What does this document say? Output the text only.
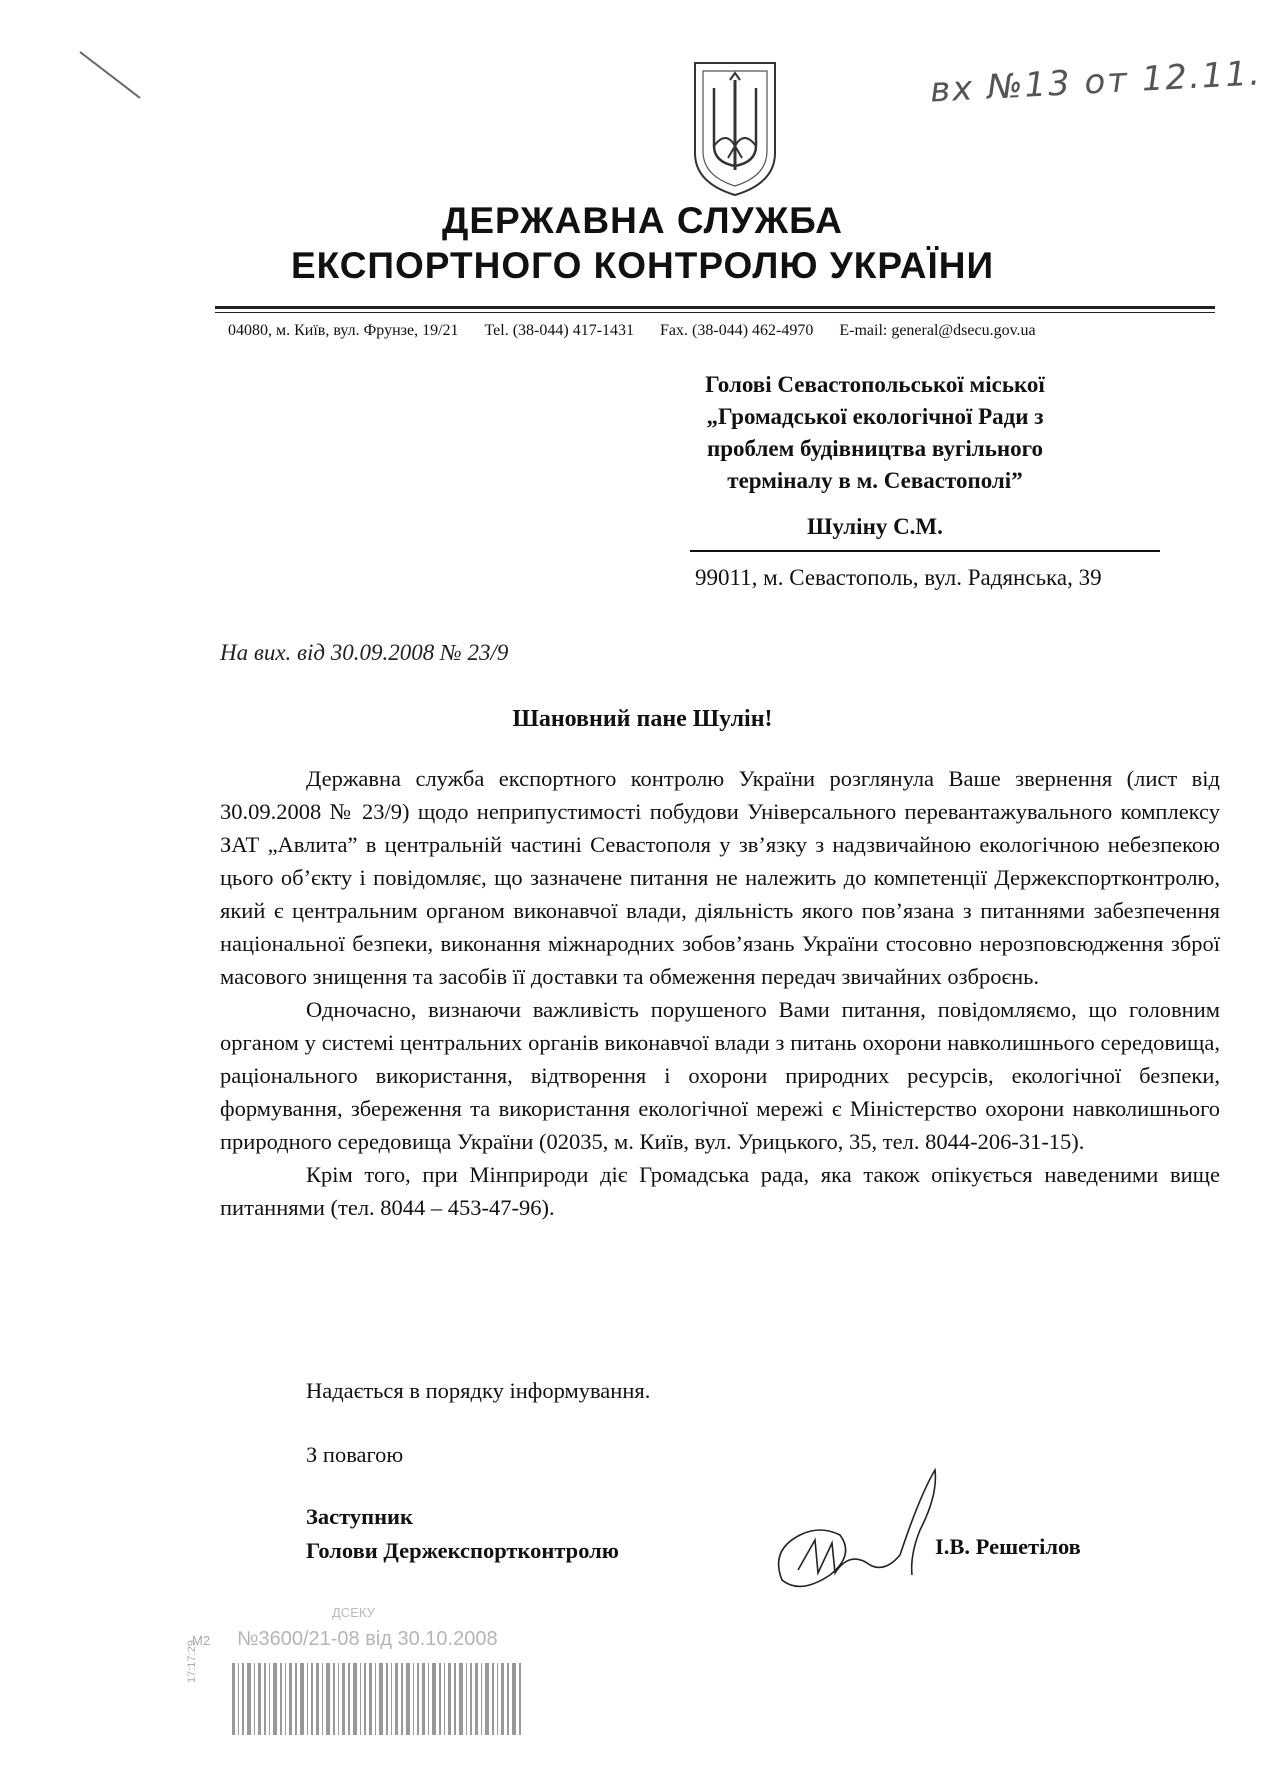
вх №13 от 12.11.
ДЕРЖАВНА СЛУЖБА
ЕКСПОРТНОГО КОНТРОЛЮ УКРАЇНИ
04080, м. Київ, вул. Фрунзе, 19/21 Tel. (38-044) 417-1431 Fax. (38-044) 462-4970 E-mail: general@dsecu.gov.ua
Голові Севастопольської міської
„Громадської екологічної Ради з
проблем будівництва вугільного
терміналу в м. Севастополі”
Шуліну С.М.
99011, м. Севастополь, вул. Радянська, 39
На вих. від 30.09.2008 № 23/9
Шановний пане Шулін!

Державна служба експортного контролю України розглянула Ваше звернення (лист від 30.09.2008 № 23/9) щодо неприпустимості побудови Універсального перевантажувального комплексу ЗАТ „Авлита” в центральній частині Севастополя у зв’язку з надзвичайною екологічною небезпекою цього об’єкту і повідомляє, що зазначене питання не належить до компетенції Держекспортконтролю, який є центральним органом виконавчої влади, діяльність якого пов’язана з питаннями забезпечення національної безпеки, виконання міжнародних зобов’язань України стосовно нерозповсюдження зброї масового знищення та засобів її доставки та обмеження передач звичайних озброєнь.

Одночасно, визнаючи важливість порушеного Вами питання, повідомляємо, що головним органом у системі центральних органів виконавчої влади з питань охорони навколишнього середовища, раціонального використання, відтворення і охорони природних ресурсів, екологічної безпеки, формування, збереження та використання екологічної мережі є Міністерство охорони навколишнього природного середовища України (02035, м. Київ, вул. Урицького, 35, тел. 8044-206-31-15).

Крім того, при Мінприроди діє Громадська рада, яка також опікується наведеними вище питаннями (тел. 8044 – 453-47-96).

Надається в порядку інформування.
З повагою
Заступник
Голови Держекспортконтролю	І.В. Решетілов
ДСЕКУ
М2 №3600/21-08 від 30.10.2008
17:17:29
